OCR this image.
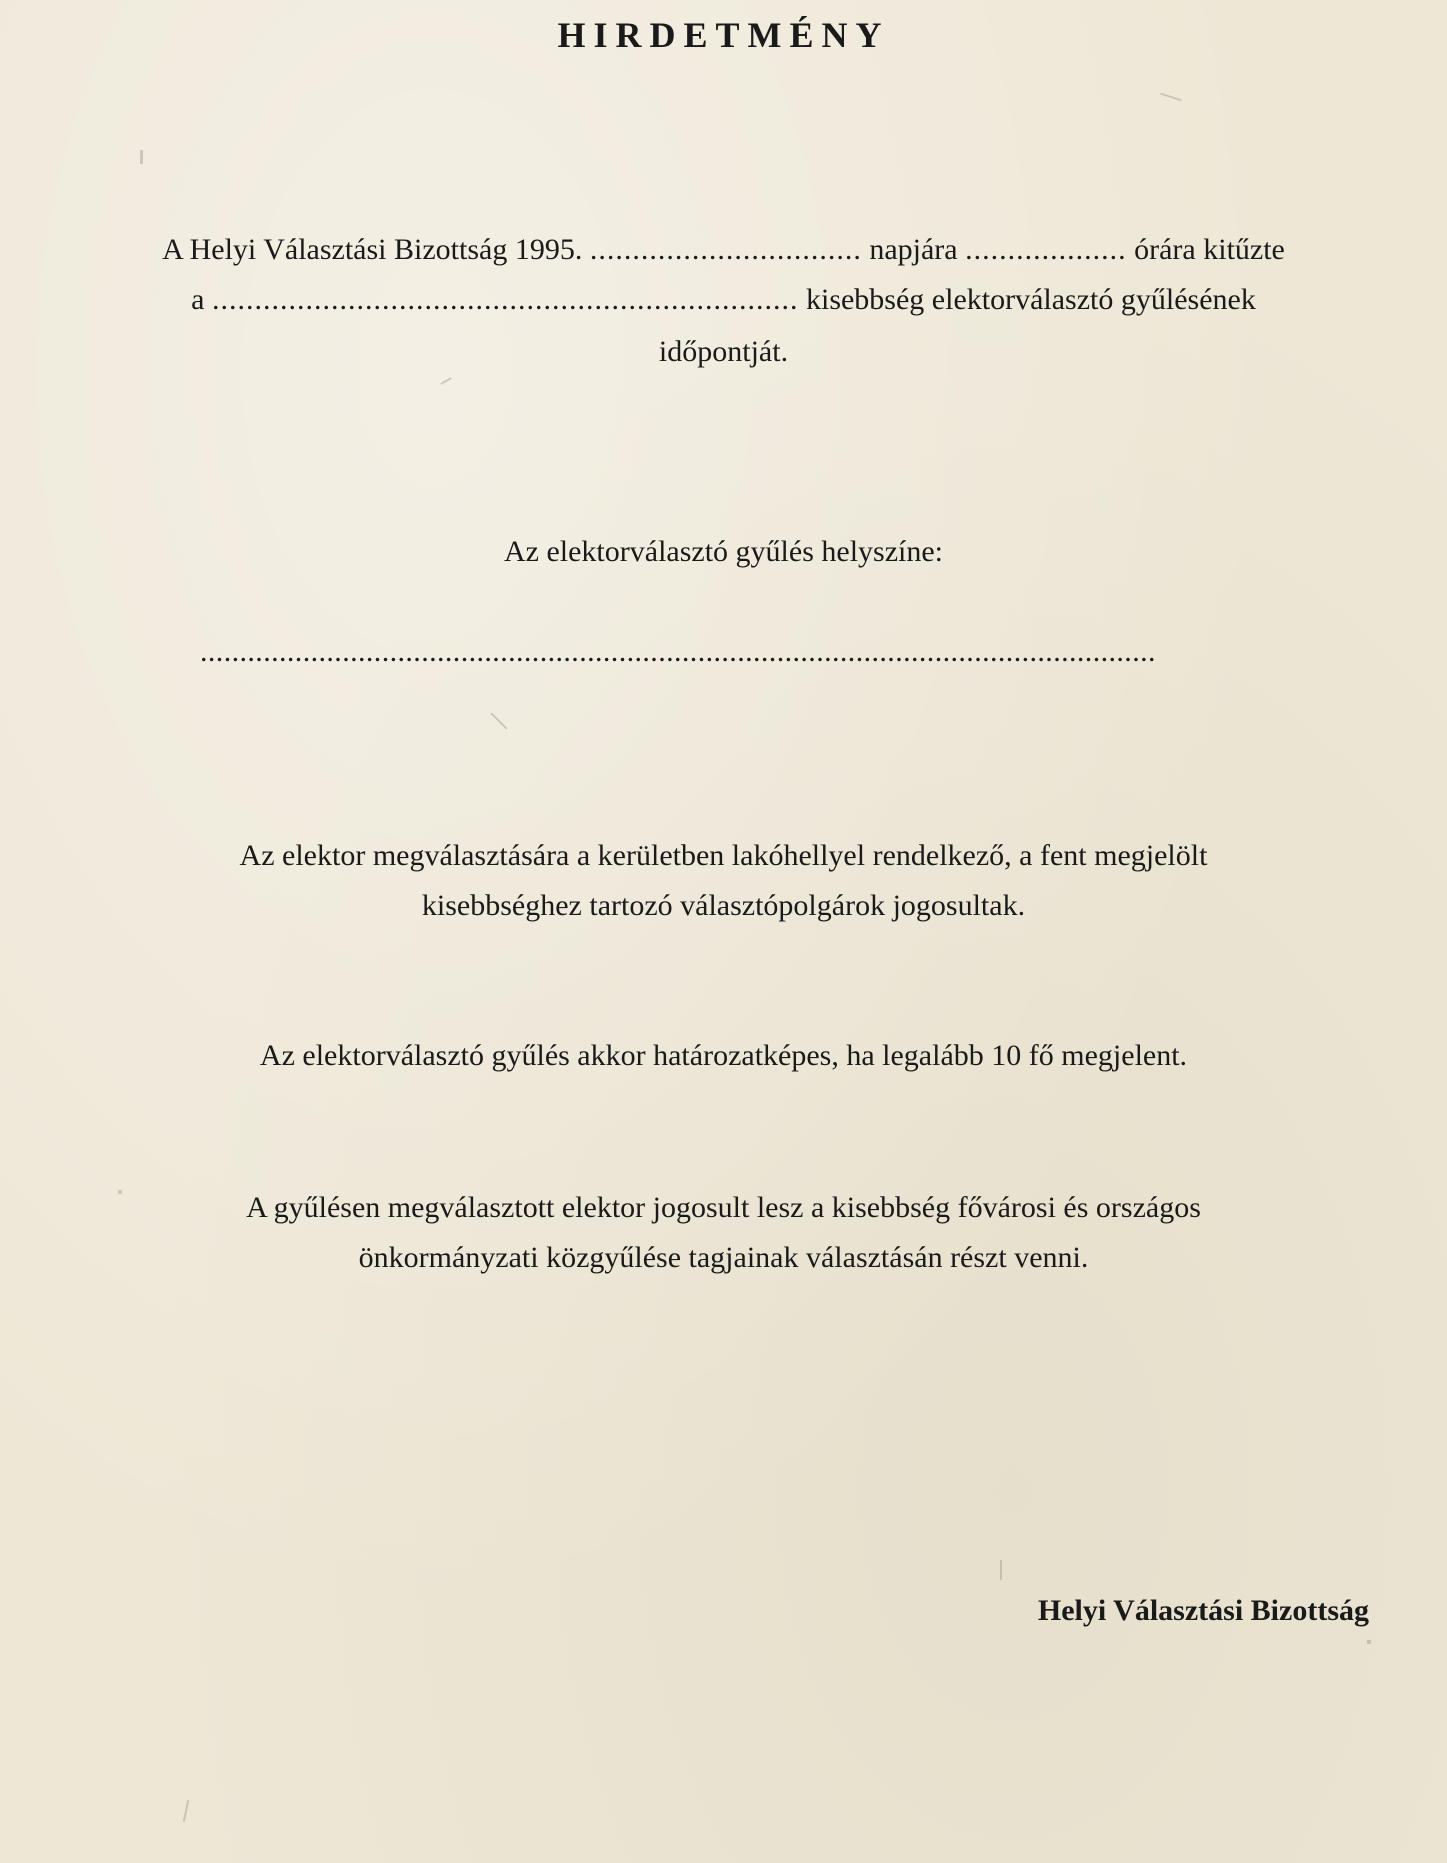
HIRDETMÉNY
A Helyi Választási Bizottság 1995. ................................ napjára ................... órára kitűzte
a ..................................................................... kisebbség elektorválasztó gyűlésének
időpontját.
Az elektorválasztó gyűlés helyszíne:
.........................................................................................................................
Az elektor megválasztására a kerületben lakóhellyel rendelkező, a fent megjelölt
kisebbséghez tartozó választópolgárok jogosultak.
Az elektorválasztó gyűlés akkor határozatképes, ha legalább 10 fő megjelent.
A gyűlésen megválasztott elektor jogosult lesz a kisebbség fővárosi és országos
önkormányzati közgyűlése tagjainak választásán részt venni.
Helyi Választási Bizottság
